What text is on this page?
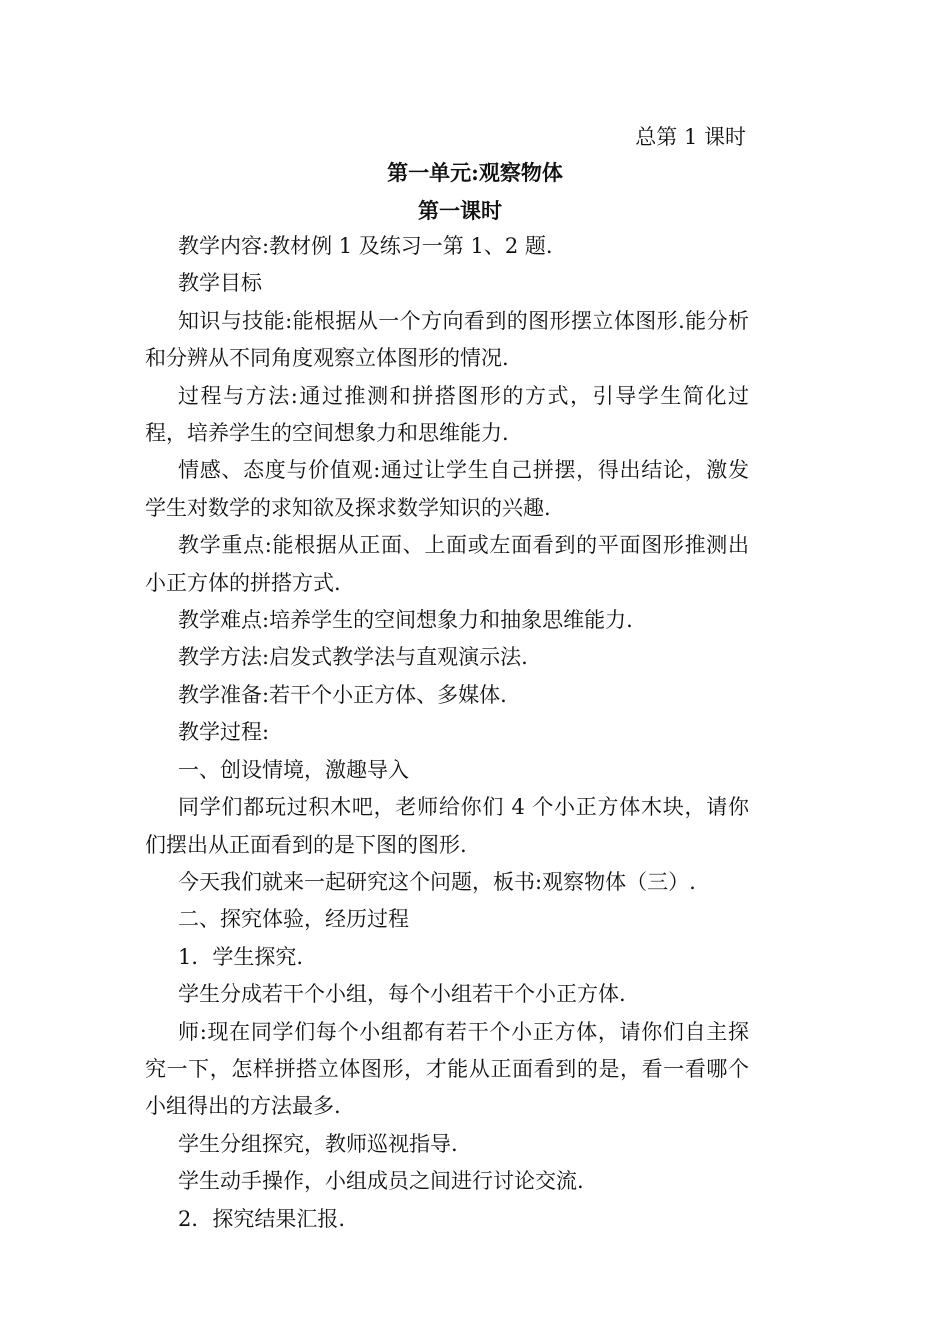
总第 1 课时
第一单元:观察物体
第一课时

教学内容:教材例 1 及练习一第 1、2 题.

教学目标

知识与技能:能根据从一个方向看到的图形摆立体图形.能分析和分辨从不同角度观察立体图形的情况.

过程与方法:通过推测和拼搭图形的方式，引导学生简化过程，培养学生的空间想象力和思维能力.

情感、态度与价值观:通过让学生自己拼摆，得出结论，激发学生对数学的求知欲及探求数学知识的兴趣.

教学重点:能根据从正面、上面或左面看到的平面图形推测出小正方体的拼搭方式.

教学难点:培养学生的空间想象力和抽象思维能力.

教学方法:启发式教学法与直观演示法.

教学准备:若干个小正方体、多媒体.

教学过程:

一、创设情境，激趣导入

同学们都玩过积木吧，老师给你们 4 个小正方体木块，请你们摆出从正面看到的是下图的图形.

今天我们就来一起研究这个问题，板书:观察物体（三）.

二、探究体验，经历过程

1．学生探究.

学生分成若干个小组，每个小组若干个小正方体.

师:现在同学们每个小组都有若干个小正方体，请你们自主探究一下，怎样拼搭立体图形，才能从正面看到的是，看一看哪个小组得出的方法最多.

学生分组探究，教师巡视指导.

学生动手操作，小组成员之间进行讨论交流.

2．探究结果汇报.
